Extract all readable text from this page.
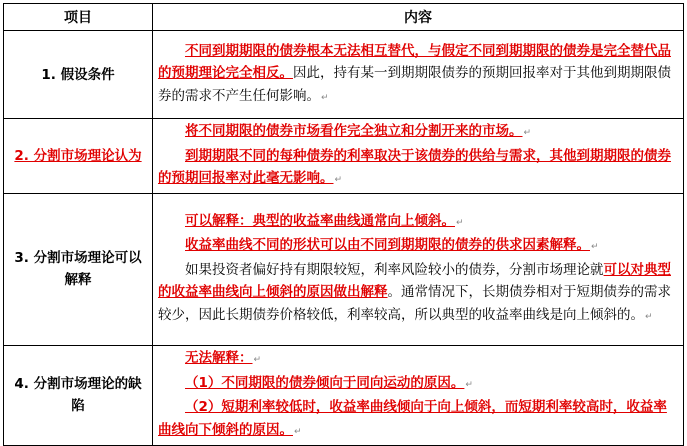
项目	内容
1. 假设条件	不同到期期限的债券根本无法相互替代，与假定不同到期期限的债券是完全替代品的预期理论完全相反。因此，持有某一到期期限债券的预期回报率对于其他到期期限债券的需求不产生任何影响。↵

2. 分割市场理论认为	将不同期限的债券市场看作完全独立和分割开来的市场。↵

到期期限不同的每种债券的利率取决于该债券的供给与需求，其他到期期限的债券的预期回报率对此毫无影响。↵

3. 分割市场理论可以解释	可以解释：典型的收益率曲线通常向上倾斜。↵

收益率曲线不同的形状可以由不同到期期限的债券的供求因素解释。↵

如果投资者偏好持有期限较短，利率风险较小的债券，分割市场理论就可以对典型的收益率曲线向上倾斜的原因做出解释。通常情况下，长期债券相对于短期债券的需求较少，因此长期债券价格较低，利率较高，所以典型的收益率曲线是向上倾斜的。↵

4. 分割市场理论的缺陷	无法解释：↵

（1）不同期限的债券倾向于同向运动的原因。↵

（2）短期利率较低时，收益率曲线倾向于向上倾斜，而短期利率较高时，收益率曲线向下倾斜的原因。↵
